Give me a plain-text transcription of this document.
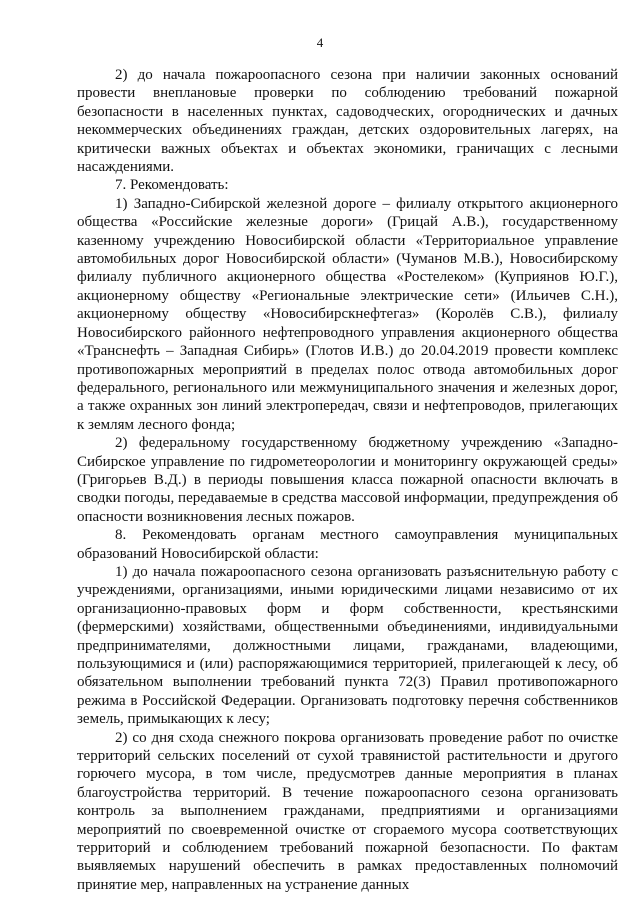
4

2) до начала пожароопасного сезона при наличии законных оснований провести внеплановые проверки по соблюдению требований пожарной безопасности в населенных пунктах, садоводческих, огороднических и дачных некоммерческих объединениях граждан, детских оздоровительных лагерях, на критически важных объектах и объектах экономики, граничащих с лесными насаждениями.

7. Рекомендовать:

1) Западно-Сибирской железной дороге – филиалу открытого акционерного общества «Российские железные дороги» (Грицай А.В.), государственному казенному учреждению Новосибирской области «Территориальное управление автомобильных дорог Новосибирской области» (Чуманов М.В.), Новосибирскому филиалу публичного акционерного общества «Ростелеком» (Куприянов Ю.Г.), акционерному обществу «Региональные электрические сети» (Ильичев С.Н.), акционерному обществу «Новосибирскнефтегаз» (Королёв С.В.), филиалу Новосибирского районного нефтепроводного управления акционерного общества «Транснефть – Западная Сибирь» (Глотов И.В.) до 20.04.2019 провести комплекс противопожарных мероприятий в пределах полос отвода автомобильных дорог федерального, регионального или межмуниципального значения и железных дорог, а также охранных зон линий электропередач, связи и нефтепроводов, прилегающих к землям лесного фонда;

2) федеральному государственному бюджетному учреждению «Западно-Сибирское управление по гидрометеорологии и мониторингу окружающей среды» (Григорьев В.Д.) в периоды повышения класса пожарной опасности включать в сводки погоды, передаваемые в средства массовой информации, предупреждения об опасности возникновения лесных пожаров.

8. Рекомендовать органам местного самоуправления муниципальных образований Новосибирской области:

1) до начала пожароопасного сезона организовать разъяснительную работу с учреждениями, организациями, иными юридическими лицами независимо от их организационно-правовых форм и форм собственности, крестьянскими (фермерскими) хозяйствами, общественными объединениями, индивидуальными предпринимателями, должностными лицами, гражданами, владеющими, пользующимися и (или) распоряжающимися территорией, прилегающей к лесу, об обязательном выполнении требований пункта 72(3) Правил противопожарного режима в Российской Федерации. Организовать подготовку перечня собственников земель, примыкающих к лесу;

2) со дня схода снежного покрова организовать проведение работ по очистке территорий сельских поселений от сухой травянистой растительности и другого горючего мусора, в том числе, предусмотрев данные мероприятия в планах благоустройства территорий. В течение пожароопасного сезона организовать контроль за выполнением гражданами, предприятиями и организациями мероприятий по своевременной очистке от сгораемого мусора соответствующих территорий и соблюдением требований пожарной безопасности. По фактам выявляемых нарушений обеспечить в рамках предоставленных полномочий принятие мер, направленных на устранение данных
